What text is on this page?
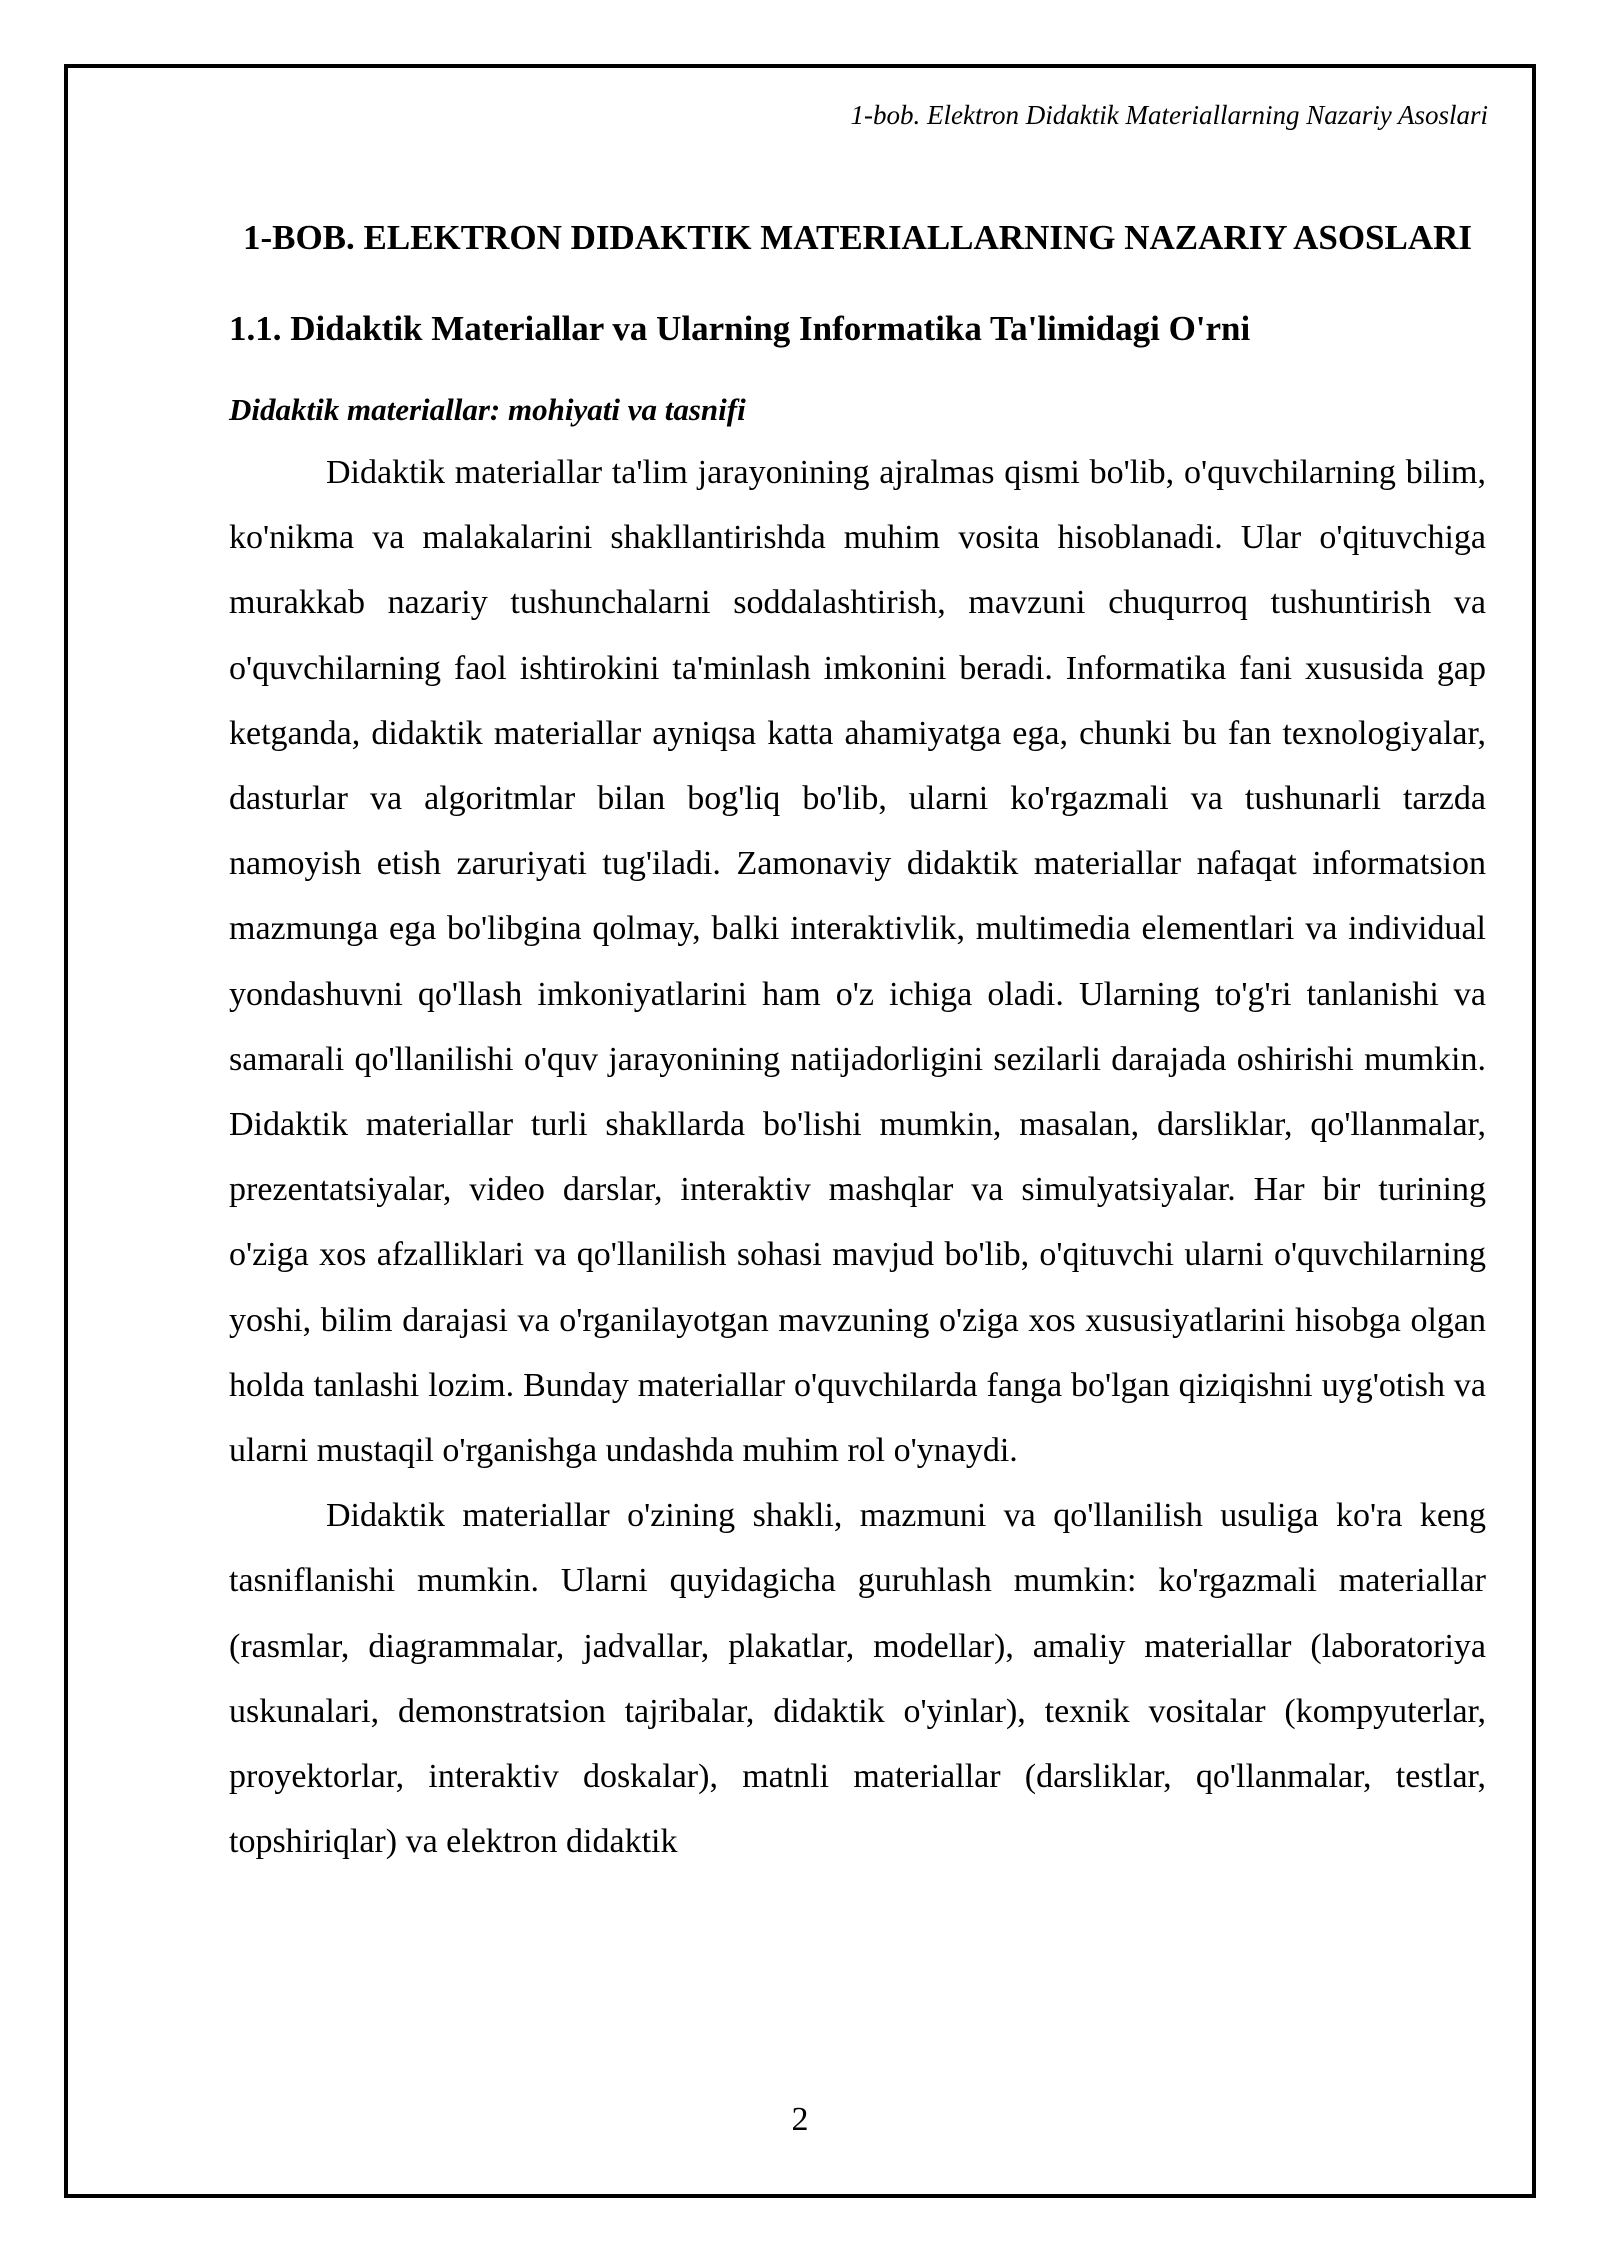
1-bob. Elektron Didaktik Materiallarning Nazariy Asoslari
1-BOB. ELEKTRON DIDAKTIK MATERIALLARNING NAZARIY ASOSLARI
1.1. Didaktik Materiallar va Ularning Informatika Ta'limidagi O'rni
Didaktik materiallar: mohiyati va tasnifi

Didaktik materiallar ta'lim jarayonining ajralmas qismi bo'lib, o'quvchilarning bilim, ko'nikma va malakalarini shakllantirishda muhim vosita hisoblanadi. Ular o'qituvchiga murakkab nazariy tushunchalarni soddalashtirish, mavzuni chuqurroq tushuntirish va o'quvchilarning faol ishtirokini ta'minlash imkonini beradi. Informatika fani xususida gap ketganda, didaktik materiallar ayniqsa katta ahamiyatga ega, chunki bu fan texnologiyalar, dasturlar va algoritmlar bilan bog'liq bo'lib, ularni ko'rgazmali va tushunarli tarzda namoyish etish zaruriyati tug'iladi. Zamonaviy didaktik materiallar nafaqat informatsion mazmunga ega bo'libgina qolmay, balki interaktivlik, multimedia elementlari va individual yondashuvni qo'llash imkoniyatlarini ham o'z ichiga oladi. Ularning to'g'ri tanlanishi va samarali qo'llanilishi o'quv jarayonining natijadorligini sezilarli darajada oshirishi mumkin. Didaktik materiallar turli shakllarda bo'lishi mumkin, masalan, darsliklar, qo'llanmalar, prezentatsiyalar, video darslar, interaktiv mashqlar va simulyatsiyalar. Har bir turining o'ziga xos afzalliklari va qo'llanilish sohasi mavjud bo'lib, o'qituvchi ularni o'quvchilarning yoshi, bilim darajasi va o'rganilayotgan mavzuning o'ziga xos xususiyatlarini hisobga olgan holda tanlashi lozim. Bunday materiallar o'quvchilarda fanga bo'lgan qiziqishni uyg'otish va ularni mustaqil o'rganishga undashda muhim rol o'ynaydi.

Didaktik materiallar o'zining shakli, mazmuni va qo'llanilish usuliga ko'ra keng tasniflanishi mumkin. Ularni quyidagicha guruhlash mumkin: ko'rgazmali materiallar (rasmlar, diagrammalar, jadvallar, plakatlar, modellar), amaliy materiallar (laboratoriya uskunalari, demonstratsion tajribalar, didaktik o'yinlar), texnik vositalar (kompyuterlar, proyektorlar, interaktiv doskalar), matnli materiallar (darsliklar, qo'llanmalar, testlar, topshiriqlar) va elektron didaktik

2
